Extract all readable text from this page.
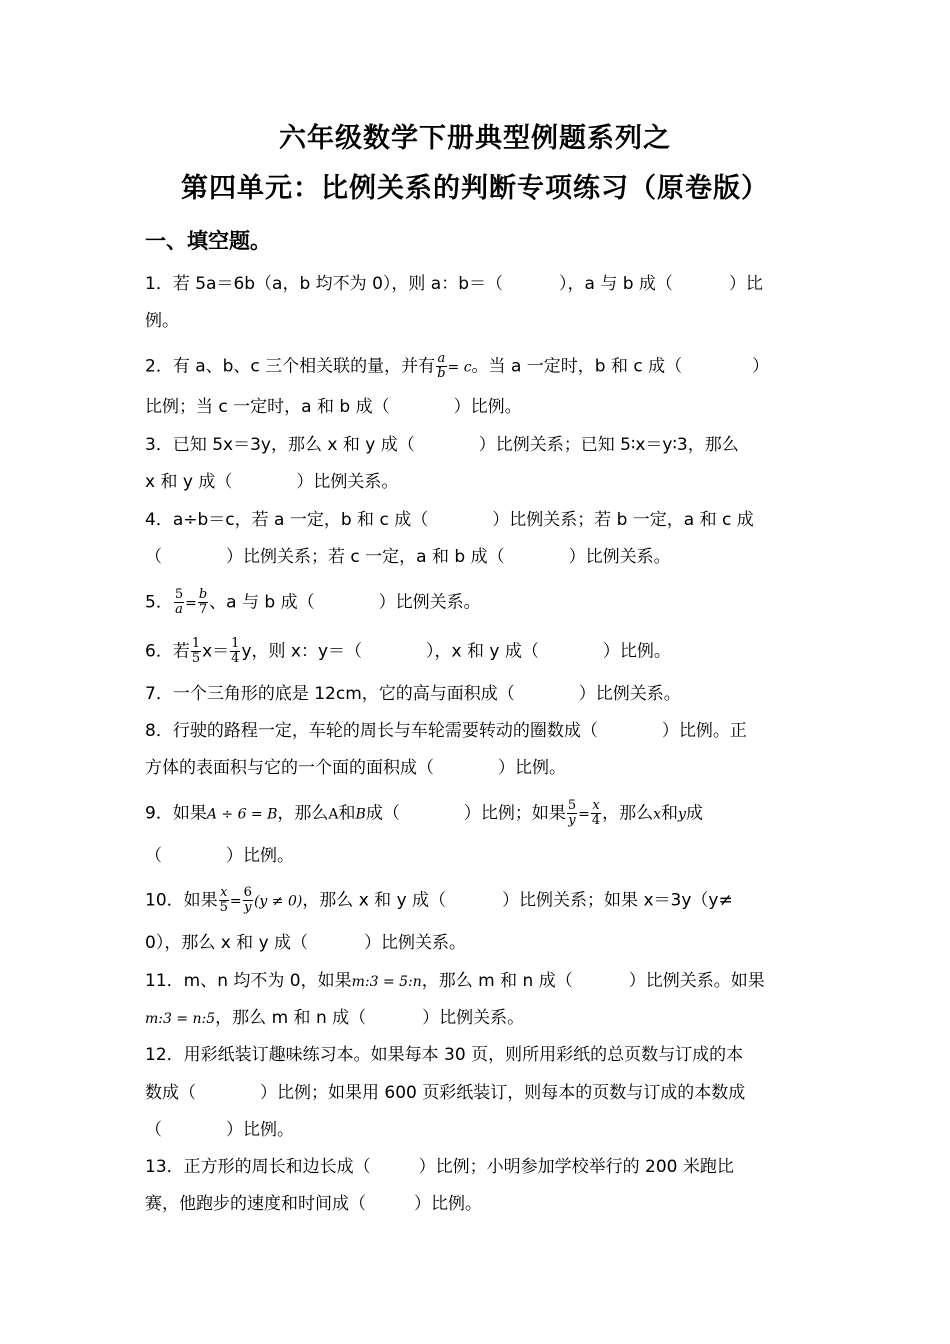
六年级数学下册典型例题系列之
第四单元：比例关系的判断专项练习（原卷版）
一、填空题。
1．若 5a＝6b（a，b 均不为 0），则 a：b＝（	），a 与 b 成（	）比
例。
2．有 a、b、c 三个相关联的量，并有 $\frac{a}{b} = c$。当 a 一定时，b 和 c 成（	）
比例；当 c 一定时，a 和 b 成（	）比例。
3．已知 5x＝3y，那么 x 和 y 成（	）比例关系；已知 5∶x＝y∶3，那么
x 和 y 成（	）比例关系。
4．a÷b＝c，若 a 一定，b 和 c 成（	）比例关系；若 b 一定，a 和 c 成
（	）比例关系；若 c 一定，a 和 b 成（	）比例关系。
5． $\frac{5}{a} = \frac{b}{7}$ 、a 与 b 成（	）比例关系。
6．若 $\frac{1}{5} x= \frac{1}{4}$ y，则 x：y＝（	），x 和 y 成（	）比例。
7．一个三角形的底是 12cm，它的高与面积成（	）比例关系。
8．行驶的路程一定，车轮的周长与车轮需要转动的圈数成（	）比例。正
方体的表面积与它的一个面的面积成（	）比例。
9．如果A ÷ 6 = B，那么A和B成（	）比例；如果 $\frac{5}{y} = \frac{x}{4}$ ，那么x和y成
（	）比例。
10．如果 $\frac{x}{5} = \frac{6}{y} (y \ne 0)$，那么 x 和 y 成（	）比例关系；如果 x＝3y（y≠
0），那么 x 和 y 成（	）比例关系。
11．m、n 均不为 0，如果m:3 = 5:n，那么 m 和 n 成（	）比例关系。如果
m:3 = n:5，那么 m 和 n 成（	）比例关系。
12．用彩纸装订趣味练习本。如果每本 30 页，则所用彩纸的总页数与订成的本
数成（	）比例；如果用 600 页彩纸装订，则每本的页数与订成的本数成
（	）比例。
13．正方形的周长和边长成（	）比例；小明参加学校举行的 200 米跑比
赛，他跑步的速度和时间成（	）比例。
